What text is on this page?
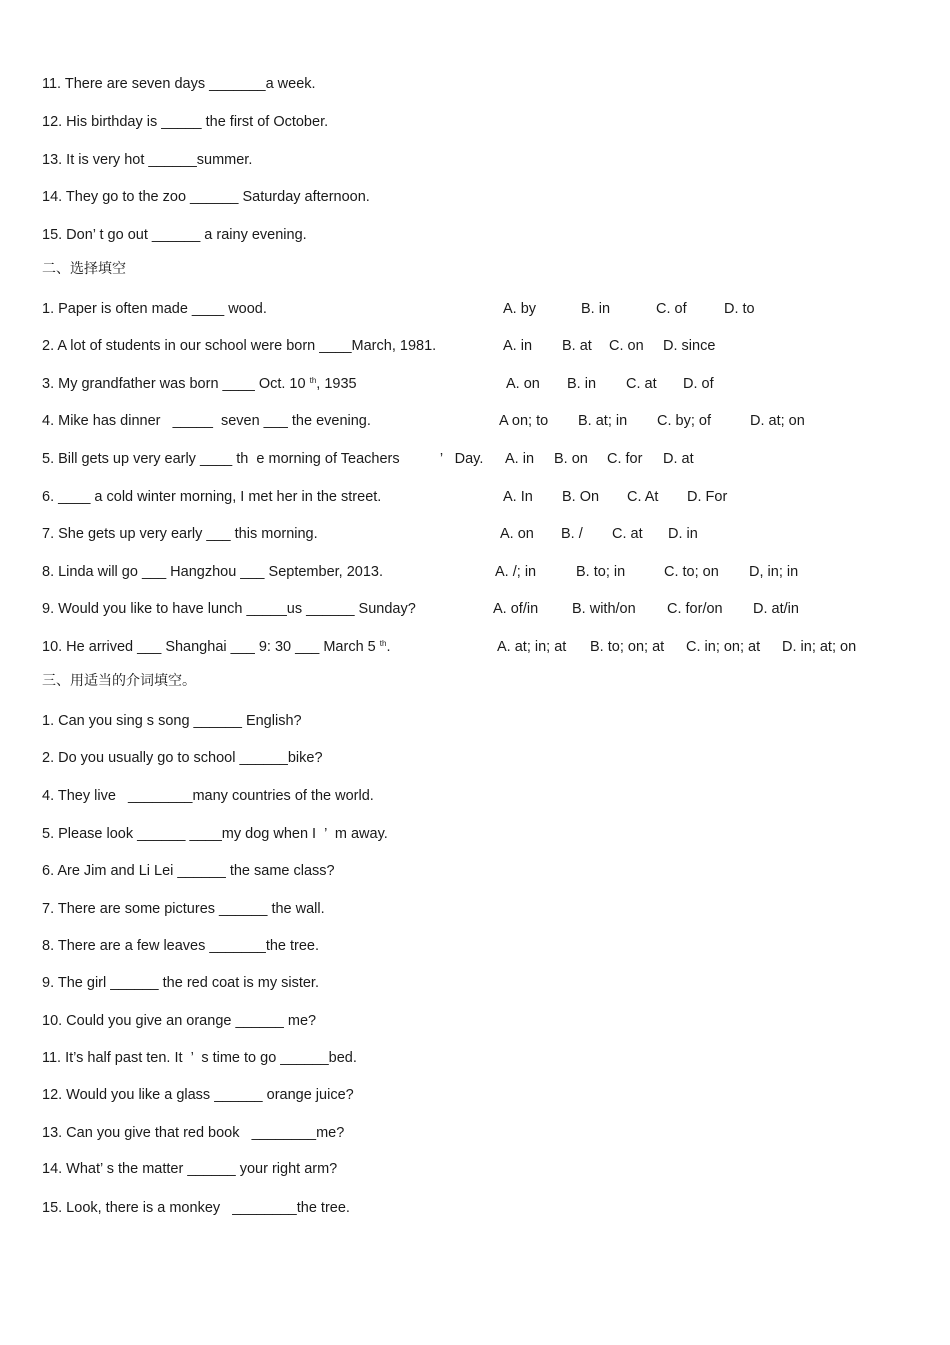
11. There are seven days _______a week.
12. His birthday is _____ the first of October.
13. It is very hot ______summer.
14. They go to the zoo ______ Saturday afternoon.
15. Don’ t go out ______ a rainy evening.
二、选择填空
1. Paper is often made ____ wood.	A. by	B. in	C. of	D. to
2. A lot of students in our school were born ____March, 1981.	A. in B. at C. on D. since
3. My grandfather was born ____ Oct. 10 $^{th}$, 1935	A. on B. in C. at D. of
4. Mike has dinner   _____  seven ___ the evening.	A on; to B. at; in C. by; of	D. at; on
5. Bill gets up very early ____ th  e morning of Teachers          ’   Day. A. in B. on C. for D. at
6. ____ a cold winter morning, I met her in the street.	A. In B. On C. At D. For
7. She gets up very early ___ this morning.	A. on B. / C. at D. in
8. Linda will go ___ Hangzhou ___ September, 2013.	A. /; in	B. to; in	C. to; on D, in; in
9. Would you like to have lunch _____us ______ Sunday?	A. of/in B. with/on C. for/on D. at/in
10. He arrived ___ Shanghai ___ 9: 30 ___ March 5 $^{th}$.	A. at; in; at B. to; on; at C. in; on; at D. in; at; on
三、用适当的介词填空。
1. Can you sing s song ______ English?
2. Do you usually go to school ______bike?
4. They live   ________many countries of the world.
5. Please look ______ ____my dog when I  ’  m away.
6. Are Jim and Li Lei ______ the same class?
7. There are some pictures ______ the wall.
8. There are a few leaves _______the tree.
9. The girl ______ the red coat is my sister.
10. Could you give an orange ______ me?
11. It’s half past ten. It  ’  s time to go ______bed.
12. Would you like a glass ______ orange juice?
13. Can you give that red book   ________me?
14. What’ s the matter ______ your right arm?
15. Look, there is a monkey   ________the tree.
